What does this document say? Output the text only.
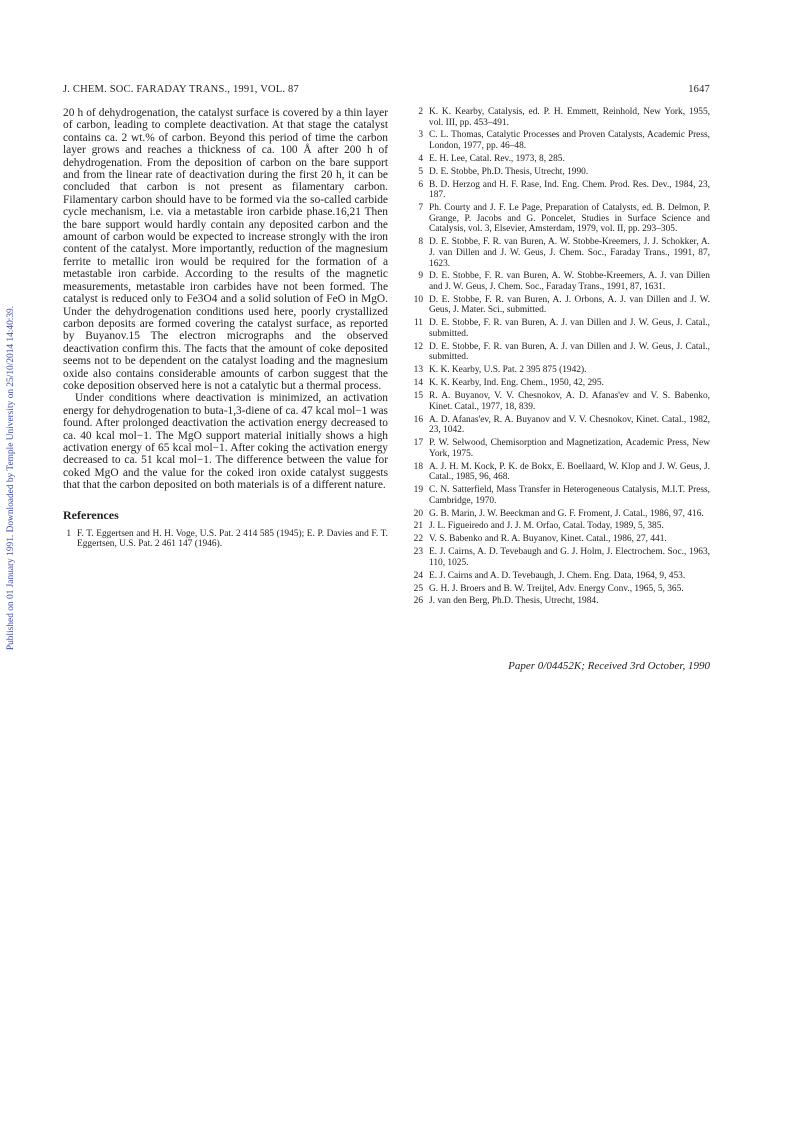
J. CHEM. SOC. FARADAY TRANS., 1991, VOL. 87	1647
Published on 01 January 1991. Downloaded by Temple University on 25/10/2014 14:40:39.

20 h of dehydrogenation, the catalyst surface is covered by a thin layer of carbon, leading to complete deactivation. At that stage the catalyst contains ca. 2 wt.% of carbon. Beyond this period of time the carbon layer grows and reaches a thickness of ca. 100 Å after 200 h of dehydrogenation. From the deposition of carbon on the bare support and from the linear rate of deactivation during the first 20 h, it can be concluded that carbon is not present as filamentary carbon. Filamentary carbon should have to be formed via the so-called carbide cycle mechanism, i.e. via a metastable iron carbide phase.16,21 Then the bare support would hardly contain any deposited carbon and the amount of carbon would be expected to increase strongly with the iron content of the catalyst. More importantly, reduction of the magnesium ferrite to metallic iron would be required for the formation of a metastable iron carbide. According to the results of the magnetic measurements, metastable iron carbides have not been formed. The catalyst is reduced only to Fe3O4 and a solid solution of FeO in MgO. Under the dehydrogenation conditions used here, poorly crystallized carbon deposits are formed covering the catalyst surface, as reported by Buyanov.15 The electron micrographs and the observed deactivation confirm this. The facts that the amount of coke deposited seems not to be dependent on the catalyst loading and the magnesium oxide also contains considerable amounts of carbon suggest that the coke deposition observed here is not a catalytic but a thermal process.

Under conditions where deactivation is minimized, an activation energy for dehydrogenation to buta-1,3-diene of ca. 47 kcal mol−1 was found. After prolonged deactivation the activation energy decreased to ca. 40 kcal mol−1. The MgO support material initially shows a high activation energy of 65 kcal mol−1. After coking the activation energy decreased to ca. 51 kcal mol−1. The difference between the value for coked MgO and the value for the coked iron oxide catalyst suggests that that the carbon deposited on both materials is of a different nature.

References
1 F. T. Eggertsen and H. H. Voge, U.S. Pat. 2 414 585 (1945); E. P. Davies and F. T. Eggertsen, U.S. Pat. 2 461 147 (1946).
2 K. K. Kearby, Catalysis, ed. P. H. Emmett, Reinhold, New York, 1955, vol. III, pp. 453–491.
3 C. L. Thomas, Catalytic Processes and Proven Catalysts, Academic Press, London, 1977, pp. 46–48.
4 E. H. Lee, Catal. Rev., 1973, 8, 285.
5 D. E. Stobbe, Ph.D. Thesis, Utrecht, 1990.
6 B. D. Herzog and H. F. Rase, Ind. Eng. Chem. Prod. Res. Dev., 1984, 23, 187.
7 Ph. Courty and J. F. Le Page, Preparation of Catalysts, ed. B. Delmon, P. Grange, P. Jacobs and G. Poncelet, Studies in Surface Science and Catalysis, vol. 3, Elsevier, Amsterdam, 1979, vol. II, pp. 293–305.
8 D. E. Stobbe, F. R. van Buren, A. W. Stobbe-Kreemers, J. J. Schokker, A. J. van Dillen and J. W. Geus, J. Chem. Soc., Faraday Trans., 1991, 87, 1623.
9 D. E. Stobbe, F. R. van Buren, A. W. Stobbe-Kreemers, A. J. van Dillen and J. W. Geus, J. Chem. Soc., Faraday Trans., 1991, 87, 1631.
10 D. E. Stobbe, F. R. van Buren, A. J. Orbons, A. J. van Dillen and J. W. Geus, J. Mater. Sci., submitted.
11 D. E. Stobbe, F. R. van Buren, A. J. van Dillen and J. W. Geus, J. Catal., submitted.
12 D. E. Stobbe, F. R. van Buren, A. J. van Dillen and J. W. Geus, J. Catal., submitted.
13 K. K. Kearby, U.S. Pat. 2 395 875 (1942).
14 K. K. Kearby, Ind. Eng. Chem., 1950, 42, 295.
15 R. A. Buyanov, V. V. Chesnokov, A. D. Afanas'ev and V. S. Babenko, Kinet. Catal., 1977, 18, 839.
16 A. D. Afanas'ev, R. A. Buyanov and V. V. Chesnokov, Kinet. Catal., 1982, 23, 1042.
17 P. W. Selwood, Chemisorption and Magnetization, Academic Press, New York, 1975.
18 A. J. H. M. Kock, P. K. de Bokx, E. Boellaard, W. Klop and J. W. Geus, J. Catal., 1985, 96, 468.
19 C. N. Satterfield, Mass Transfer in Heterogeneous Catalysis, M.I.T. Press, Cambridge, 1970.
20 G. B. Marin, J. W. Beeckman and G. F. Froment, J. Catal., 1986, 97, 416.
21 J. L. Figueiredo and J. J. M. Orfao, Catal. Today, 1989, 5, 385.
22 V. S. Babenko and R. A. Buyanov, Kinet. Catal., 1986, 27, 441.
23 E. J. Cairns, A. D. Tevebaugh and G. J. Holm, J. Electrochem. Soc., 1963, 110, 1025.
24 E. J. Cairns and A. D. Tevebaugh, J. Chem. Eng. Data, 1964, 9, 453.
25 G. H. J. Broers and B. W. Treijtel, Adv. Energy Conv., 1965, 5, 365.
26 J. van den Berg, Ph.D. Thesis, Utrecht, 1984.
Paper 0/04452K; Received 3rd October, 1990
